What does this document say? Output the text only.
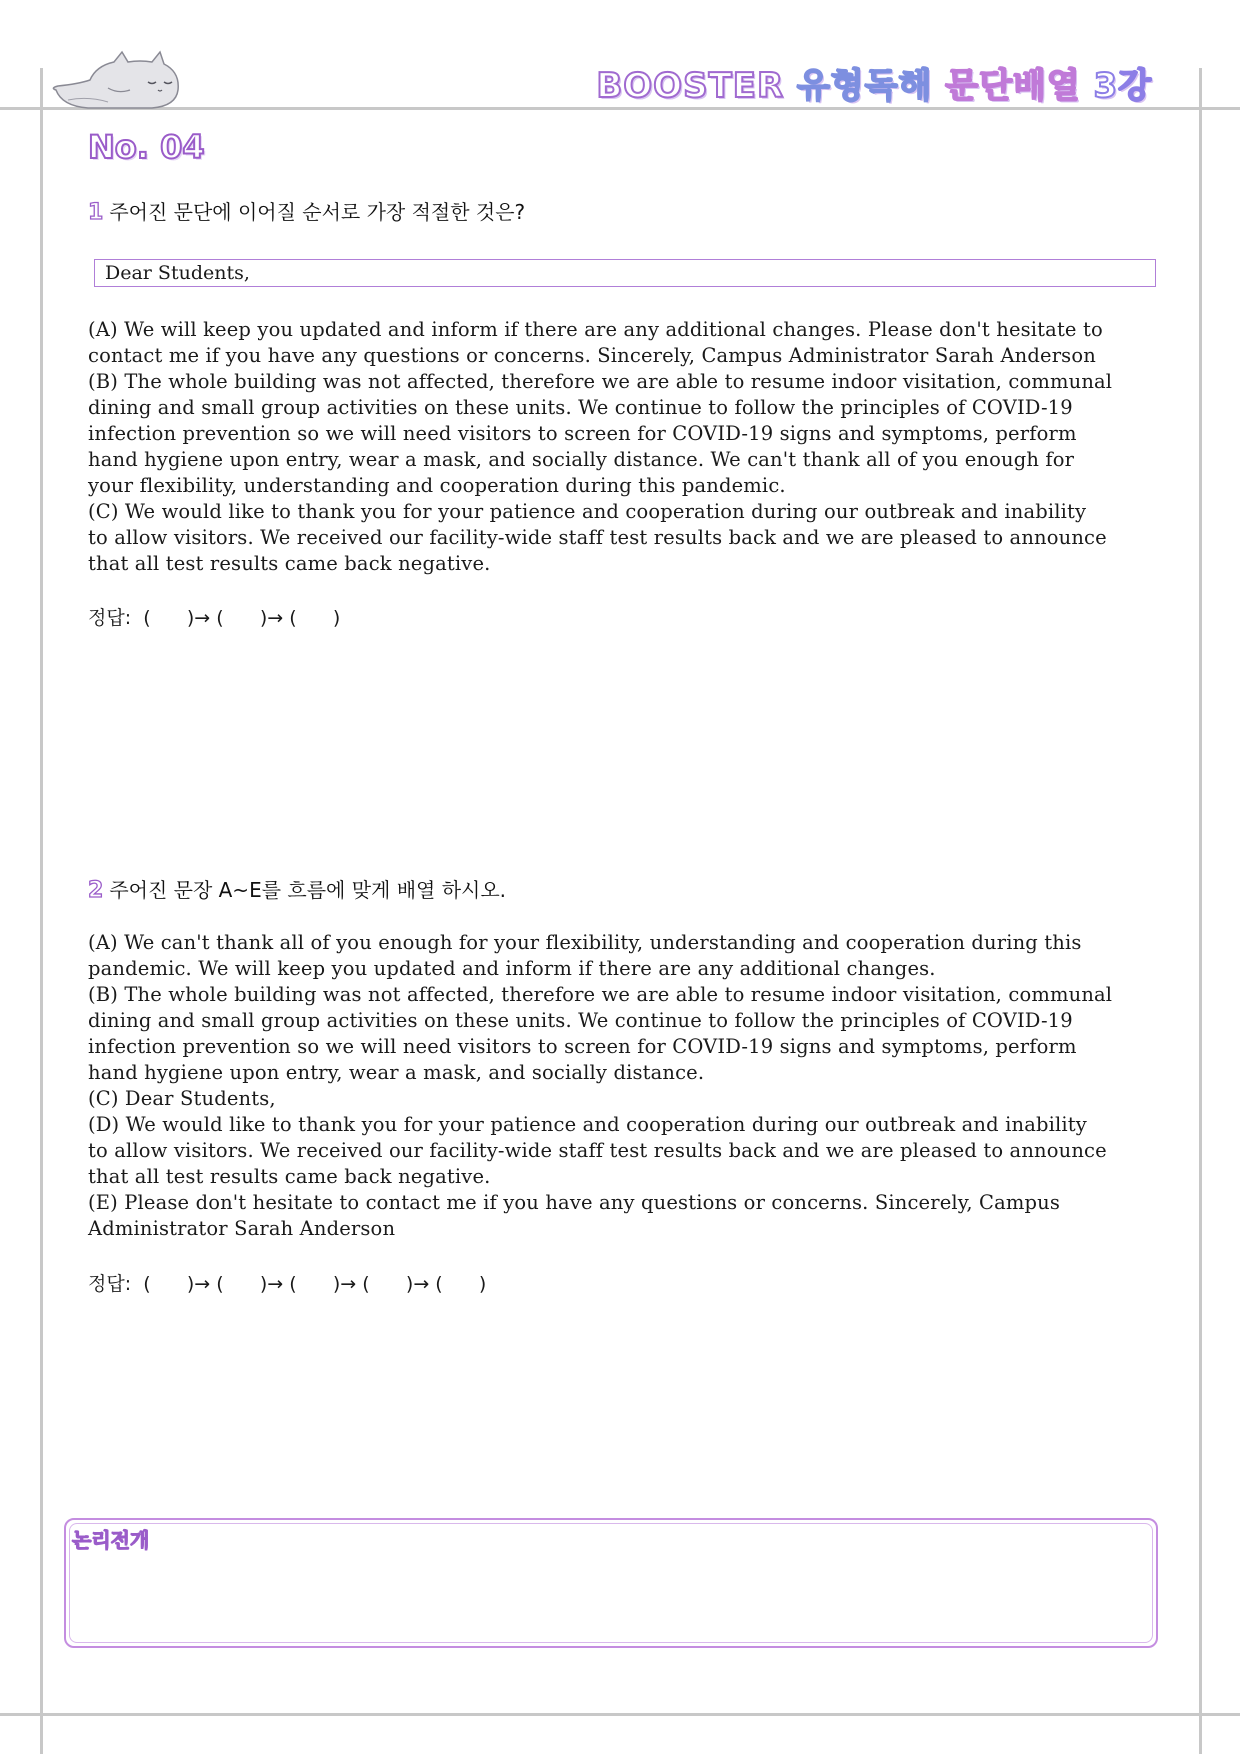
BOOSTER 유형독해 문단배열 3강
No. 04
1 주어진 문단에 이어질 순서로 가장 적절한 것은?
Dear Students,

(A) We will keep you updated and inform if there are any additional changes. Please don't hesitate to

contact me if you have any questions or concerns. Sincerely, Campus Administrator Sarah Anderson

(B) The whole building was not affected, therefore we are able to resume indoor visitation, communal

dining and small group activities on these units. We continue to follow the principles of COVID-19

infection prevention so we will need visitors to screen for COVID-19 signs and symptoms, perform

hand hygiene upon entry, wear a mask, and socially distance. We can't thank all of you enough for

your flexibility, understanding and cooperation during this pandemic.

(C) We would like to thank you for your patience and cooperation during our outbreak and inability

to allow visitors. We received our facility-wide staff test results back and we are pleased to announce

that all test results came back negative.

정답:  (      )→ (      )→ (      )
2 주어진 문장 A~E를 흐름에 맞게 배열 하시오.

(A) We can't thank all of you enough for your flexibility, understanding and cooperation during this

pandemic. We will keep you updated and inform if there are any additional changes.

(B) The whole building was not affected, therefore we are able to resume indoor visitation, communal

dining and small group activities on these units. We continue to follow the principles of COVID-19

infection prevention so we will need visitors to screen for COVID-19 signs and symptoms, perform

hand hygiene upon entry, wear a mask, and socially distance.

(C) Dear Students,

(D) We would like to thank you for your patience and cooperation during our outbreak and inability

to allow visitors. We received our facility-wide staff test results back and we are pleased to announce

that all test results came back negative.

(E) Please don't hesitate to contact me if you have any questions or concerns. Sincerely, Campus

Administrator Sarah Anderson

정답:  (      )→ (      )→ (      )→ (      )→ (      )
논리전개
